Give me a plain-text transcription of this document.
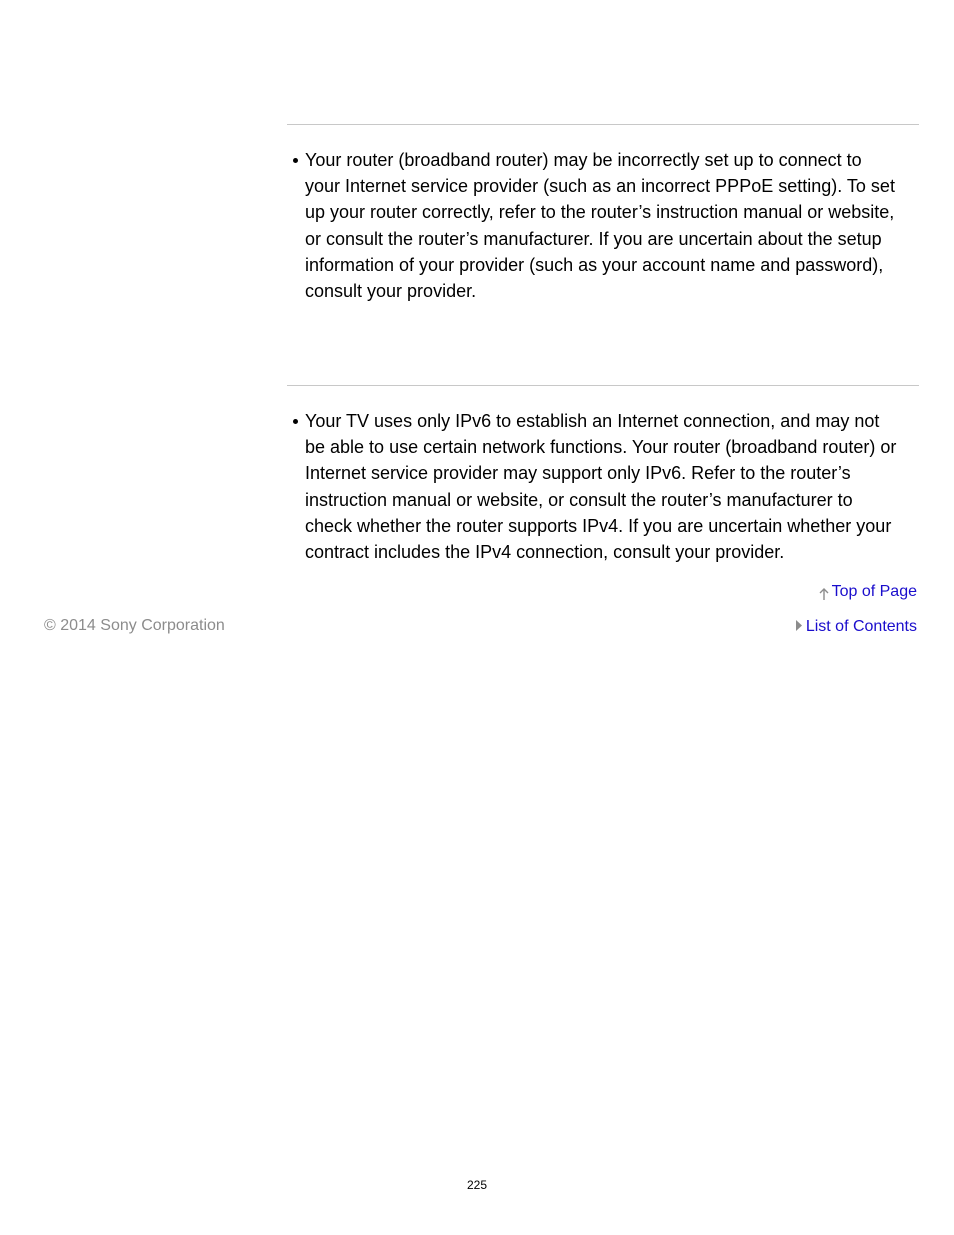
Your router (broadband router) may be incorrectly set up to connect to
your Internet service provider (such as an incorrect PPPoE setting). To set
up your router correctly, refer to the router’s instruction manual or website,
or consult the router’s manufacturer. If you are uncertain about the setup
information of your provider (such as your account name and password),
consult your provider.
Your TV uses only IPv6 to establish an Internet connection, and may not
be able to use certain network functions. Your router (broadband router) or
Internet service provider may support only IPv6. Refer to the router’s
instruction manual or website, or consult the router’s manufacturer to
check whether the router supports IPv4. If you are uncertain whether your
contract includes the IPv4 connection, consult your provider.
Top of Page
© 2014 Sony Corporation	List of Contents
225
